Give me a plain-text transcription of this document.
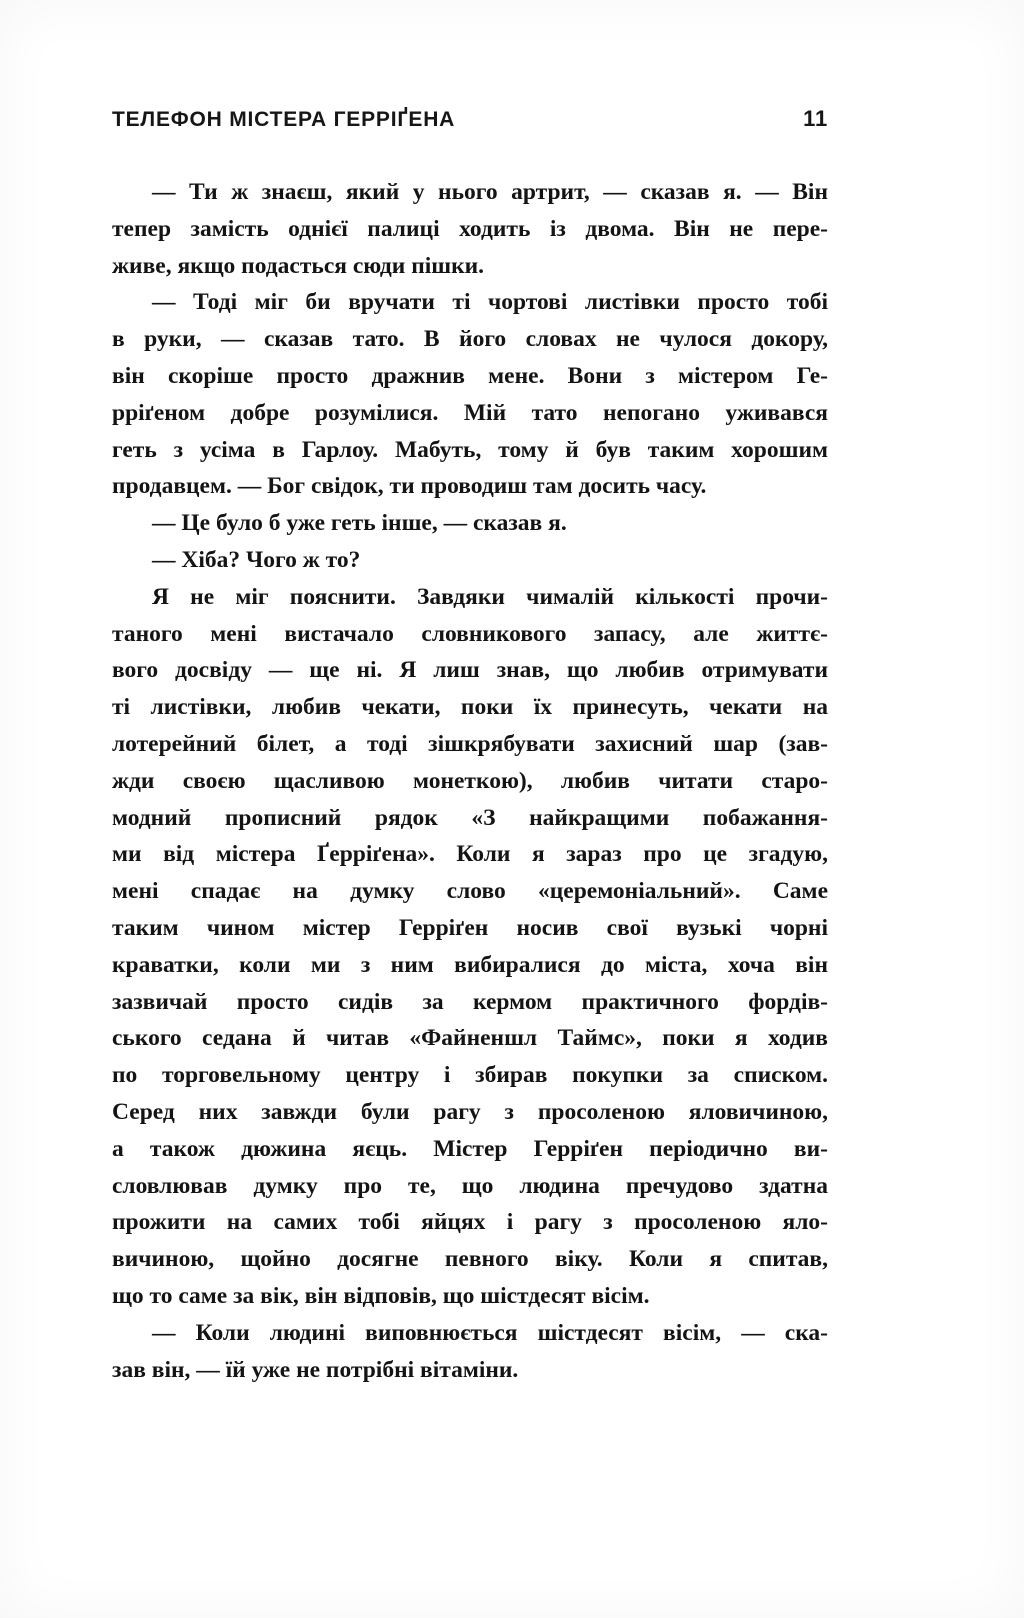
ТЕЛЕФОН МІСТЕРА ГЕРРІҐЕНА	11
— Ти ж знаєш, який у нього артрит, — сказав я. — Він
тепер замість однієї палиці ходить із двома. Він не пере-
живе, якщо подасться сюди пішки.
— Тоді міг би вручати ті чортові листівки просто тобі
в руки, — сказав тато. В його словах не чулося докору,
він скоріше просто дражнив мене. Вони з містером Ге-
рріґеном добре розумілися. Мій тато непогано уживався
геть з усіма в Гарлоу. Мабуть, тому й був таким хорошим
продавцем. — Бог свідок, ти проводиш там досить часу.
— Це було б уже геть інше, — сказав я.
— Хіба? Чого ж то?
Я не міг пояснити. Завдяки чималій кількості прочи-
таного мені вистачало словникового запасу, але життє-
вого досвіду — ще ні. Я лиш знав, що любив отримувати
ті листівки, любив чекати, поки їх принесуть, чекати на
лотерейний білет, а тоді зішкрябувати захисний шар (зав-
жди своєю щасливою монеткою), любив читати старо-
модний прописний рядок «З найкращими побажання-
ми від містера Ґерріґена». Коли я зараз про це згадую,
мені спадає на думку слово «церемоніальний». Саме
таким чином містер Герріґен носив свої вузькі чорні
краватки, коли ми з ним вибиралися до міста, хоча він
зазвичай просто сидів за кермом практичного фордів-
ського седана й читав «Файненшл Таймс», поки я ходив
по торговельному центру і збирав покупки за списком.
Серед них завжди були рагу з просоленою яловичиною,
а також дюжина яєць. Містер Герріґен періодично ви-
словлював думку про те, що людина пречудово здатна
прожити на самих тобі яйцях і рагу з просоленою яло-
вичиною, щойно досягне певного віку. Коли я спитав,
що то саме за вік, він відповів, що шістдесят вісім.
— Коли людині виповнюється шістдесят вісім, — ска-
зав він, — їй уже не потрібні вітаміни.
